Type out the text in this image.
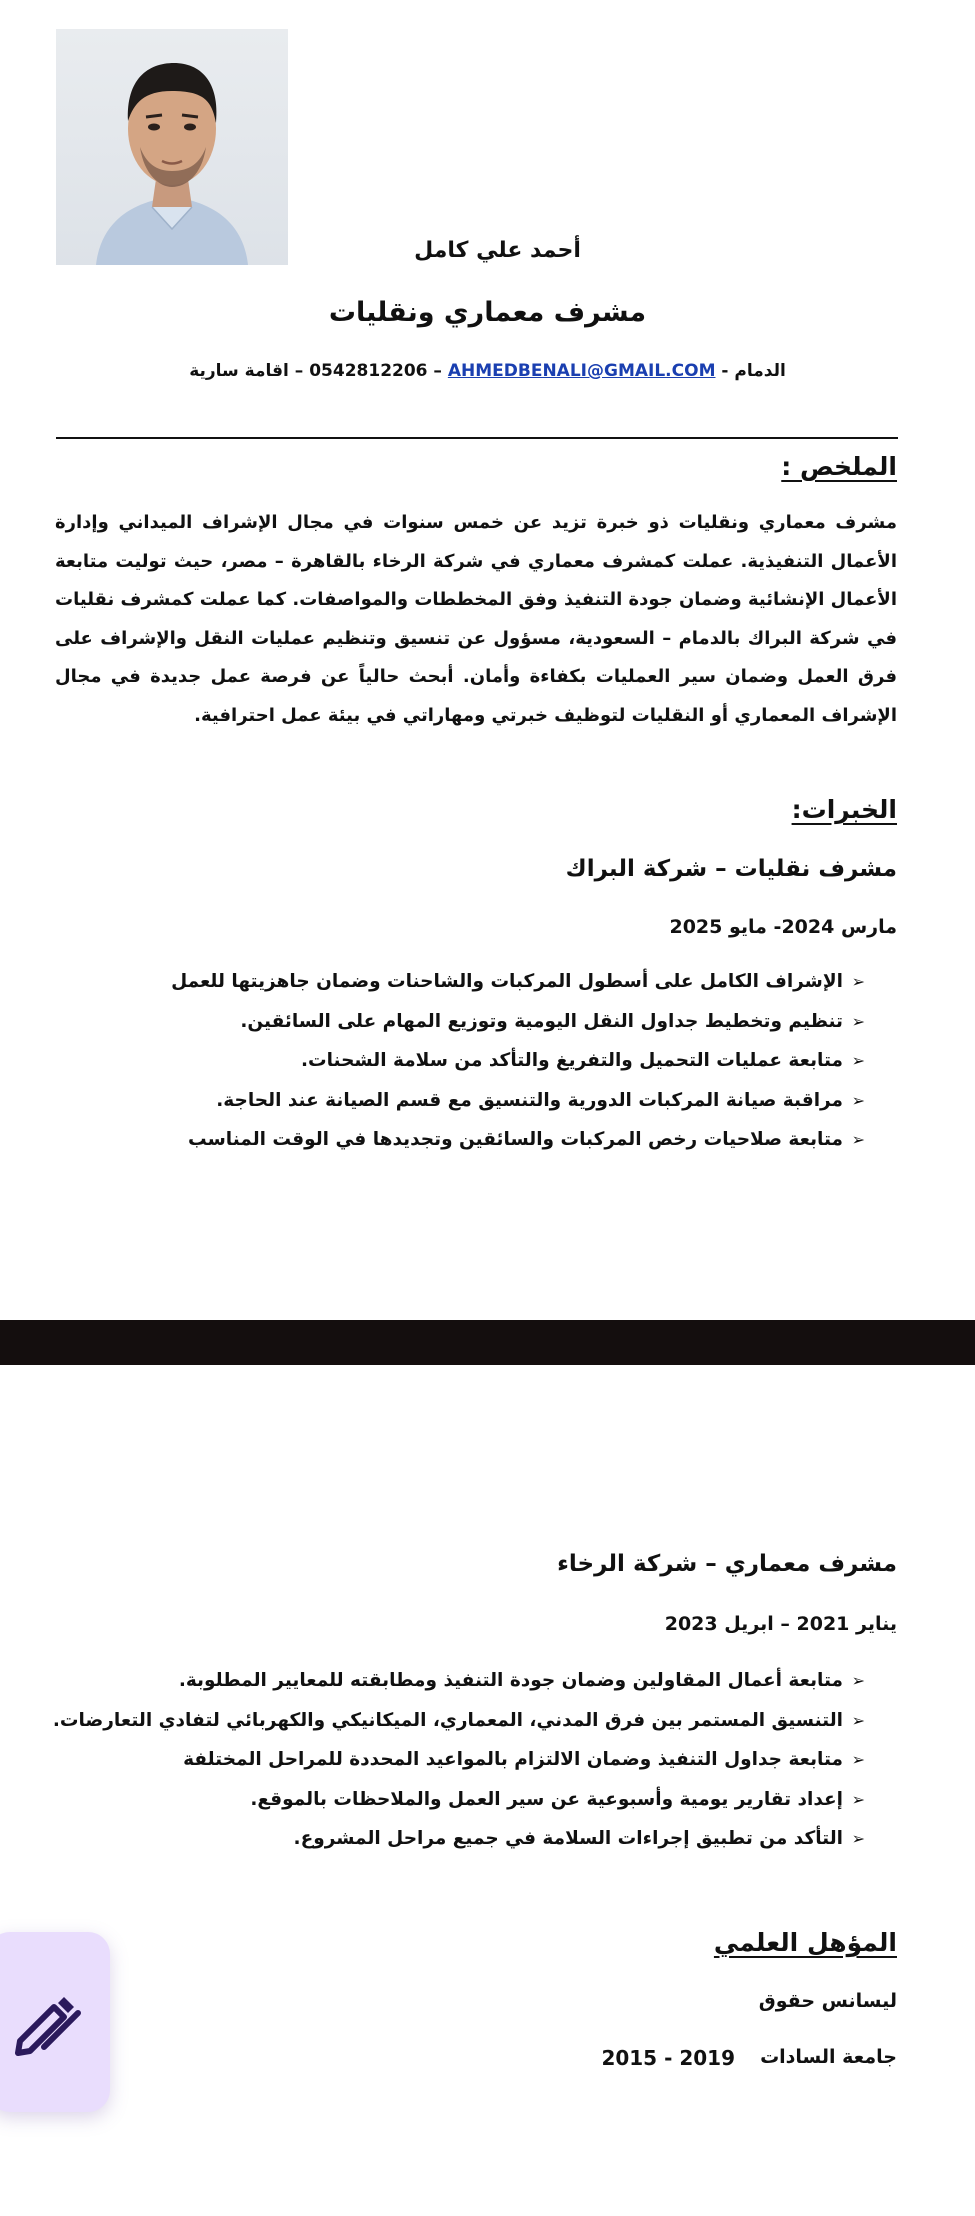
أحمد علي كامل
مشرف معماري ونقليات
الدمام - 0542812206 – AHMEDBENALI@GMAIL.COM – اقامة سارية
الملخص :
مشرف معماري ونقليات ذو خبرة تزيد عن خمس سنوات في مجال الإشراف الميداني وإدارة الأعمال التنفيذية. عملت كمشرف معماري في شركة الرخاء بالقاهرة – مصر، حيث توليت متابعة الأعمال الإنشائية وضمان جودة التنفيذ وفق المخططات والمواصفات. كما عملت كمشرف نقليات في شركة البراك بالدمام – السعودية، مسؤول عن تنسيق وتنظيم عمليات النقل والإشراف على فرق العمل وضمان سير العمليات بكفاءة وأمان. أبحث حالياً عن فرصة عمل جديدة في مجال الإشراف المعماري أو النقليات لتوظيف خبرتي ومهاراتي في بيئة عمل احترافية.
الخبرات:
مشرف نقليات – شركة البراك
مارس 2024- مايو 2025
➢الإشراف الكامل على أسطول المركبات والشاحنات وضمان جاهزيتها للعمل
➢تنظيم وتخطيط جداول النقل اليومية وتوزيع المهام على السائقين.
➢متابعة عمليات التحميل والتفريغ والتأكد من سلامة الشحنات.
➢مراقبة صيانة المركبات الدورية والتنسيق مع قسم الصيانة عند الحاجة.
➢متابعة صلاحيات رخص المركبات والسائقين وتجديدها في الوقت المناسب
مشرف معماري – شركة الرخاء
يناير 2021 – ابريل 2023
➢متابعة أعمال المقاولين وضمان جودة التنفيذ ومطابقته للمعايير المطلوبة.
➢التنسيق المستمر بين فرق المدني، المعماري، الميكانيكي والكهربائي لتفادي التعارضات.
➢متابعة جداول التنفيذ وضمان الالتزام بالمواعيد المحددة للمراحل المختلفة
➢إعداد تقارير يومية وأسبوعية عن سير العمل والملاحظات بالموقع.
➢التأكد من تطبيق إجراءات السلامة في جميع مراحل المشروع.
المؤهل العلمي
ليسانس حقوق
جامعة السادات
2015 - 2019
